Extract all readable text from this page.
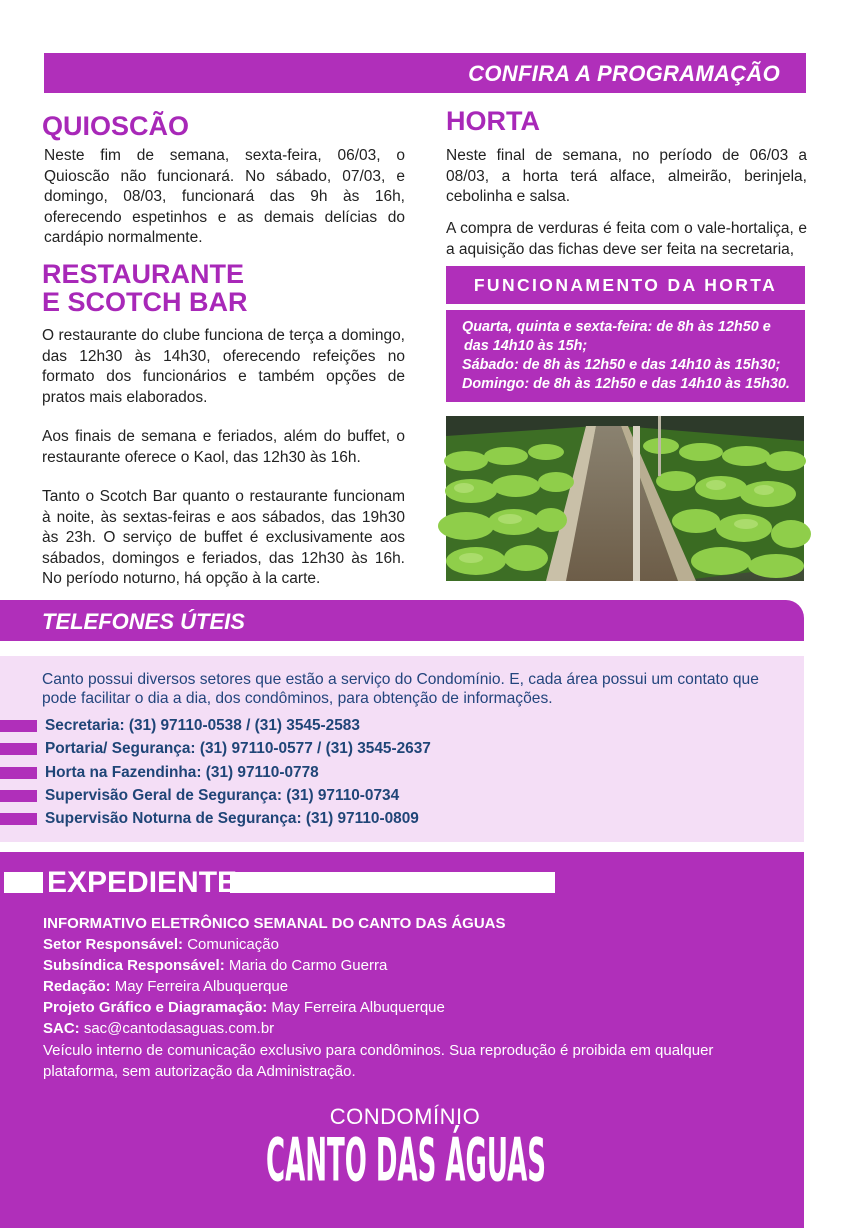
CONFIRA A PROGRAMAÇÃO
QUIOSCÃO
Neste fim de semana, sexta-feira, 06/03, o Quioscão não funcionará. No sábado, 07/03, e domingo, 08/03, funcionará das 9h às 16h, oferecendo espetinhos e as demais delícias do cardápio normalmente.
RESTAURANTE
E SCOTCH BAR
O restaurante do clube funciona de terça a domingo, das 12h30 às 14h30, oferecendo refeições no formato dos funcionários e também opções de pratos mais elaborados.
Aos finais de semana e feriados, além do buffet, o restaurante oferece o Kaol, das 12h30 às 16h.
Tanto o Scotch Bar quanto o restaurante funcionam à noite, às sextas-feiras e aos sábados, das 19h30 às 23h. O serviço de buffet é exclusivamente aos sábados, domingos e feriados, das 12h30 às 16h. No período noturno, há opção à la carte.
HORTA
Neste final de semana, no período de 06/03 a 08/03, a horta terá alface, almeirão, berinjela, cebolinha e salsa.
A compra de verduras é feita com o vale-hortaliça, e a aquisição das fichas deve ser feita na secretaria,
FUNCIONAMENTO DA HORTA
Quarta, quinta e sexta-feira: de 8h às 12h50 e
das 14h10 às 15h;
Sábado: de 8h às 12h50 e das 14h10 às 15h30;
Domingo: de 8h às 12h50 e das 14h10 às 15h30.
TELEFONES ÚTEIS
Canto possui diversos setores que estão a serviço do Condomínio. E, cada área possui um contato que pode facilitar o dia a dia, dos condôminos, para obtenção de informações.
Secretaria: (31) 97110-0538 / (31) 3545-2583
Portaria/ Segurança: (31) 97110-0577 / (31) 3545-2637
Horta na Fazendinha: (31) 97110-0778
Supervisão Geral de Segurança: (31) 97110-0734
Supervisão Noturna de Segurança: (31) 97110-0809
EXPEDIENTE
INFORMATIVO ELETRÔNICO SEMANAL DO CANTO DAS ÁGUAS
Setor Responsável: Comunicação
Subsíndica Responsável: Maria do Carmo Guerra
Redação: May Ferreira Albuquerque
Projeto Gráfico e Diagramação: May Ferreira Albuquerque
SAC: sac@cantodasaguas.com.br
Veículo interno de comunicação exclusivo para condôminos. Sua reprodução é proibida em qualquer
plataforma, sem autorização da Administração.
CONDOMÍNIO
CANTO DAS ÁGUAS
